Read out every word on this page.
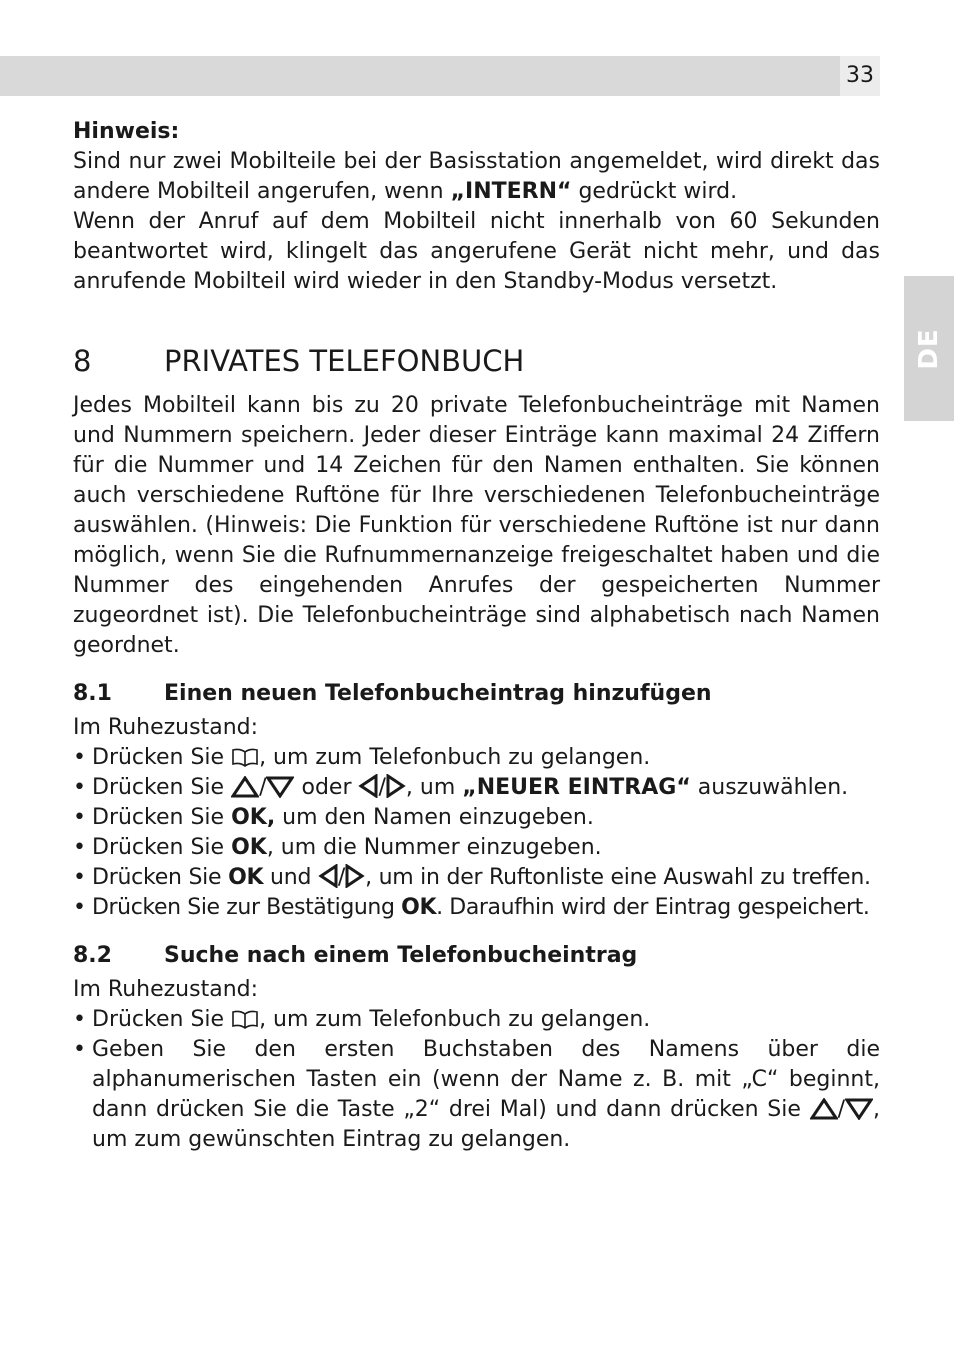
33
DE

Hinweis:

Sind nur zwei Mobilteile bei der Basisstation angemeldet, wird direkt das andere Mobilteil angerufen, wenn „INTERN“ gedrückt wird.

Wenn der Anruf auf dem Mobilteil nicht innerhalb von 60 Sekunden beantwortet wird, klingelt das angerufene Gerät nicht mehr, und das anrufende Mobilteil wird wieder in den Standby-Modus versetzt.

8	PRIVATES TELEFONBUCH

Jedes Mobilteil kann bis zu 20 private Telefonbucheinträge mit Namen und Nummern speichern. Jeder dieser Einträge kann maximal 24 Ziffern für die Nummer und 14 Zeichen für den Namen enthalten. Sie können auch verschiedene Ruftöne für Ihre verschiedenen Telefonbucheinträge auswählen. (Hinweis: Die Funktion für verschiedene Ruftöne ist nur dann möglich, wenn Sie die Rufnummernanzeige freigeschaltet haben und die Nummer des eingehenden Anrufes der gespeicherten Nummer zugeordnet ist). Die Telefonbucheinträge sind alphabetisch nach Namen geordnet.

8.1 Einen neuen Telefonbucheintrag hinzufügen

Im Ruhezustand:

• Drücken Sie , um zum Telefonbuch zu gelangen.
• Drücken Sie / oder / , um „NEUER EINTRAG“ auszuwählen.
• Drücken Sie OK, um den Namen einzugeben.
• Drücken Sie OK, um die Nummer einzugeben.
• Drücken Sie OK und / , um in der Ruftonliste eine Auswahl zu treffen.
• Drücken Sie zur Bestätigung OK. Daraufhin wird der Eintrag gespeichert.
8.2 Suche nach einem Telefonbucheintrag

Im Ruhezustand:

• Drücken Sie , um zum Telefonbuch zu gelangen.
• Geben Sie den ersten Buchstaben des Namens über die alphanumerischen Tasten ein (wenn der Name z. B. mit „C“ beginnt, dann drücken Sie die Taste „2“ drei Mal) und dann drücken Sie / , um zum gewünschten Eintrag zu gelangen.
